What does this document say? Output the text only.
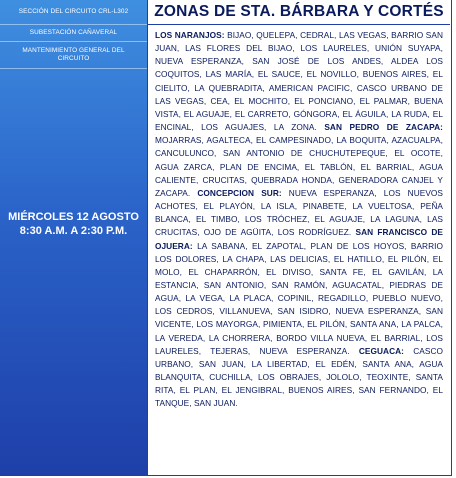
SECCIÓN DEL CIRCUITO CRL-L302
SUBESTACIÓN CAÑAVERAL
MANTENIMIENTO GENERAL DEL
CIRCUITO
MIÉRCOLES 12 AGOSTO
8:30 A.M. A 2:30 P.M.
ZONAS DE STA. BÁRBARA Y CORTÉS
LOS NARANJOS: BIJAO, QUELEPA, CEDRAL, LAS VEGAS, BARRIO SAN JUAN, LAS FLORES DEL BIJAO, LOS LAURELES, UNIÓN SUYAPA, NUEVA ESPERANZA, SAN JOSÉ DE LOS ANDES, ALDEA LOS COQUITOS, LAS MARÍA, EL SAUCE, EL NOVILLO, BUENOS AIRES, EL CIELITO, LA QUEBRADITA, AMERICAN PACIFIC, CASCO URBANO DE LAS VEGAS, CEA, EL MOCHITO, EL PONCIANO, EL PALMAR, BUENA VISTA, EL AGUAJE, EL CARRETO, GÓNGORA, EL ÁGUILA, LA RUDA, EL ENCINAL, LOS AGUAJES, LA ZONA. SAN PEDRO DE ZACAPA: MOJARRAS, AGALTECA, EL CAMPESINADO, LA BOQUITA, AZACUALPA, CANCULUNCO, SAN ANTONIO DE CHUCHUTEPEQUE, EL OCOTE, AGUA ZARCA, PLAN DE ENCIMA, EL TABLÓN, EL BARRIAL, AGUA CALIENTE, CRUCITAS, QUEBRADA HONDA, GENERADORA CANJEL Y ZACAPA. CONCEPCION SUR: NUEVA ESPERANZA, LOS NUEVOS ACHOTES, EL PLAYÓN, LA ISLA, PINABETE, LA VUELTOSA, PEÑA BLANCA, EL TIMBO, LOS TRÓCHEZ, EL AGUAJE, LA LAGUNA, LAS CRUCITAS, OJO DE AGÜITA, LOS RODRÍGUEZ. SAN FRANCISCO DE OJUERA: LA SABANA, EL ZAPOTAL, PLAN DE LOS HOYOS, BARRIO LOS DOLORES, LA CHAPA, LAS DELICIAS, EL HATILLO, EL PILÓN, EL MOLO, EL CHAPARRÓN, EL DIVISO, SANTA FE, EL GAVILÁN, LA ESTANCIA, SAN ANTONIO, SAN RAMÓN, AGUACATAL, PIEDRAS DE AGUA, LA VEGA, LA PLACA, COPINIL, REGADILLO, PUEBLO NUEVO, LOS CEDROS, VILLANUEVA, SAN ISIDRO, NUEVA ESPERANZA, SAN VICENTE, LOS MAYORGA, PIMIENTA, EL PILÓN, SANTA ANA, LA PALCA, LA VEREDA, LA CHORRERA, BORDO VILLA NUEVA, EL BARRIAL, LOS LAURELES, TEJERAS, NUEVA ESPERANZA. CEGUACA: CASCO URBANO, SAN JUAN, LA LIBERTAD, EL EDÉN, SANTA ANA, AGUA BLANQUITA, CUCHILLA, LOS OBRAJES, JOLOLO, TEOXINTE, SANTA RITA, EL PLAN, EL JENGIBRAL, BUENOS AIRES, SAN FERNANDO, EL TANQUE, SAN JUAN.
